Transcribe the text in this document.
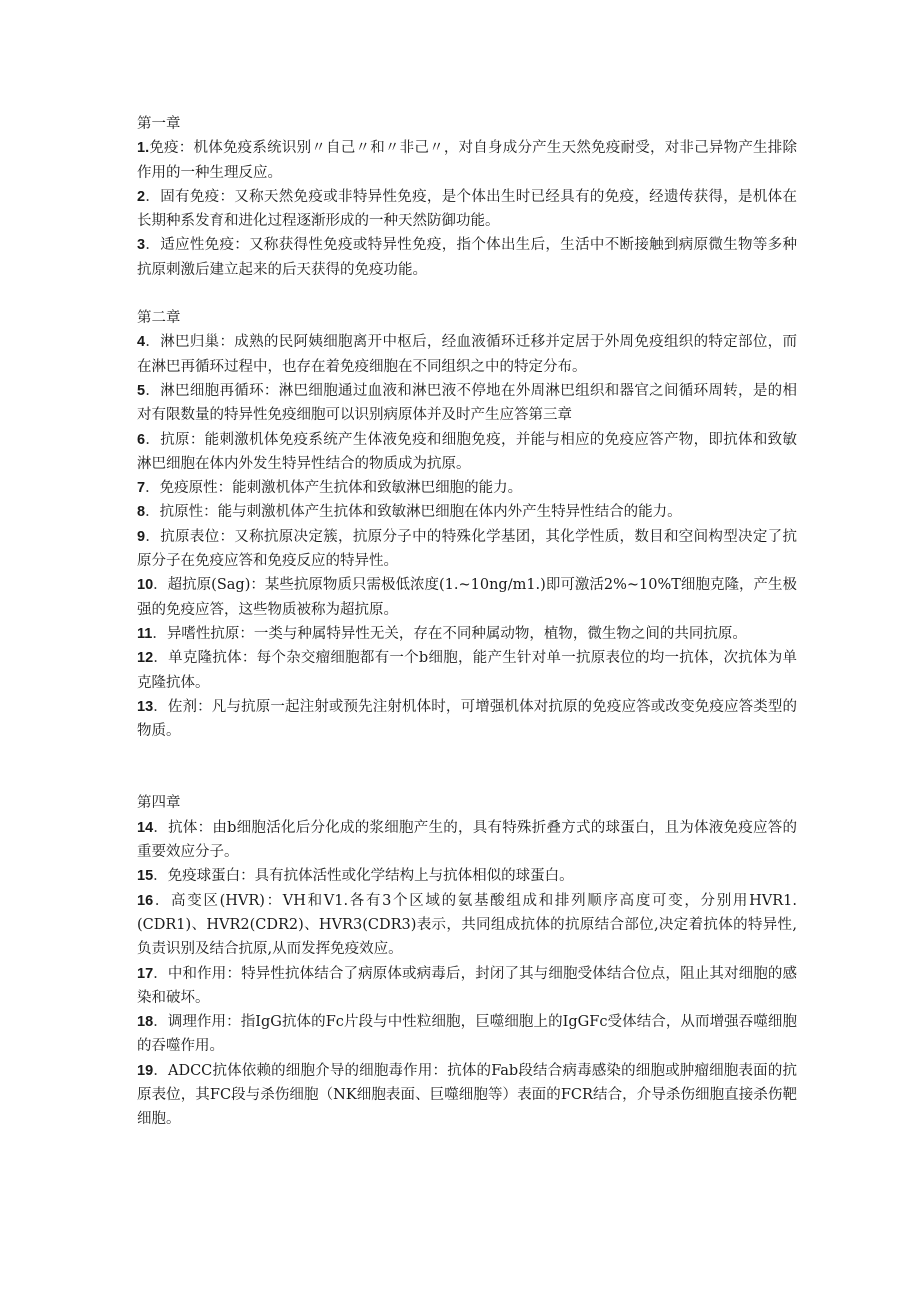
第一章

1.免疫：机体免疫系统识别〃自己〃和〃非己〃，对自身成分产生天然免疫耐受，对非己异物产生排除作用的一种生理反应。

2．固有免疫：又称天然免疫或非特异性免疫，是个体出生时已经具有的免疫，经遗传获得，是机体在长期种系发育和进化过程逐渐形成的一种天然防御功能。

3．适应性免疫：又称获得性免疫或特异性免疫，指个体出生后，生活中不断接触到病原微生物等多种抗原刺激后建立起来的后天获得的免疫功能。

第二章

4．淋巴归巢：成熟的民阿姨细胞离开中枢后，经血液循环迁移并定居于外周免疫组织的特定部位，而在淋巴再循环过程中，也存在着免疫细胞在不同组织之中的特定分布。

5．淋巴细胞再循环：淋巴细胞通过血液和淋巴液不停地在外周淋巴组织和器官之间循环周转，是的相对有限数量的特异性免疫细胞可以识别病原体并及时产生应答第三章

6．抗原：能刺激机体免疫系统产生体液免疫和细胞免疫，并能与相应的免疫应答产物，即抗体和致敏淋巴细胞在体内外发生特异性结合的物质成为抗原。

7．免疫原性：能刺激机体产生抗体和致敏淋巴细胞的能力。

8．抗原性：能与刺激机体产生抗体和致敏淋巴细胞在体内外产生特异性结合的能力。

9．抗原表位：又称抗原决定簇，抗原分子中的特殊化学基团，其化学性质，数目和空间构型决定了抗原分子在免疫应答和免疫反应的特异性。

10．超抗原(Sag)：某些抗原物质只需极低浓度(1.~10ng∕m1.)即可激活2%~10%T细胞克隆，产生极强的免疫应答，这些物质被称为超抗原。

11．异嗜性抗原：一类与种属特异性无关，存在不同种属动物，植物，微生物之间的共同抗原。

12．单克隆抗体：每个杂交瘤细胞都有一个b细胞，能产生针对单一抗原表位的均一抗体，次抗体为单克隆抗体。

13．佐剂：凡与抗原一起注射或预先注射机体时，可增强机体对抗原的免疫应答或改变免疫应答类型的物质。

第四章

14．抗体：由b细胞活化后分化成的浆细胞产生的，具有特殊折叠方式的球蛋白，且为体液免疫应答的重要效应分子。

15．免疫球蛋白：具有抗体活性或化学结构上与抗体相似的球蛋白。

16．高变区(HVR)：VH和V1.各有3个区域的氨基酸组成和排列顺序高度可变，分别用HVR1.(CDR1)、HVR2(CDR2)、HVR3(CDR3)表示，共同组成抗体的抗原结合部位,决定着抗体的特异性,负责识别及结合抗原,从而发挥免疫效应。

17．中和作用：特异性抗体结合了病原体或病毒后，封闭了其与细胞受体结合位点，阻止其对细胞的感染和破坏。

18．调理作用：指IgG抗体的Fc片段与中性粒细胞，巨噬细胞上的IgGFc受体结合，从而增强吞噬细胞的吞噬作用。

19．ADCC抗体依赖的细胞介导的细胞毒作用：抗体的Fab段结合病毒感染的细胞或肿瘤细胞表面的抗原表位，其FC段与杀伤细胞（NK细胞表面、巨噬细胞等）表面的FCR结合，介导杀伤细胞直接杀伤靶细胞。
